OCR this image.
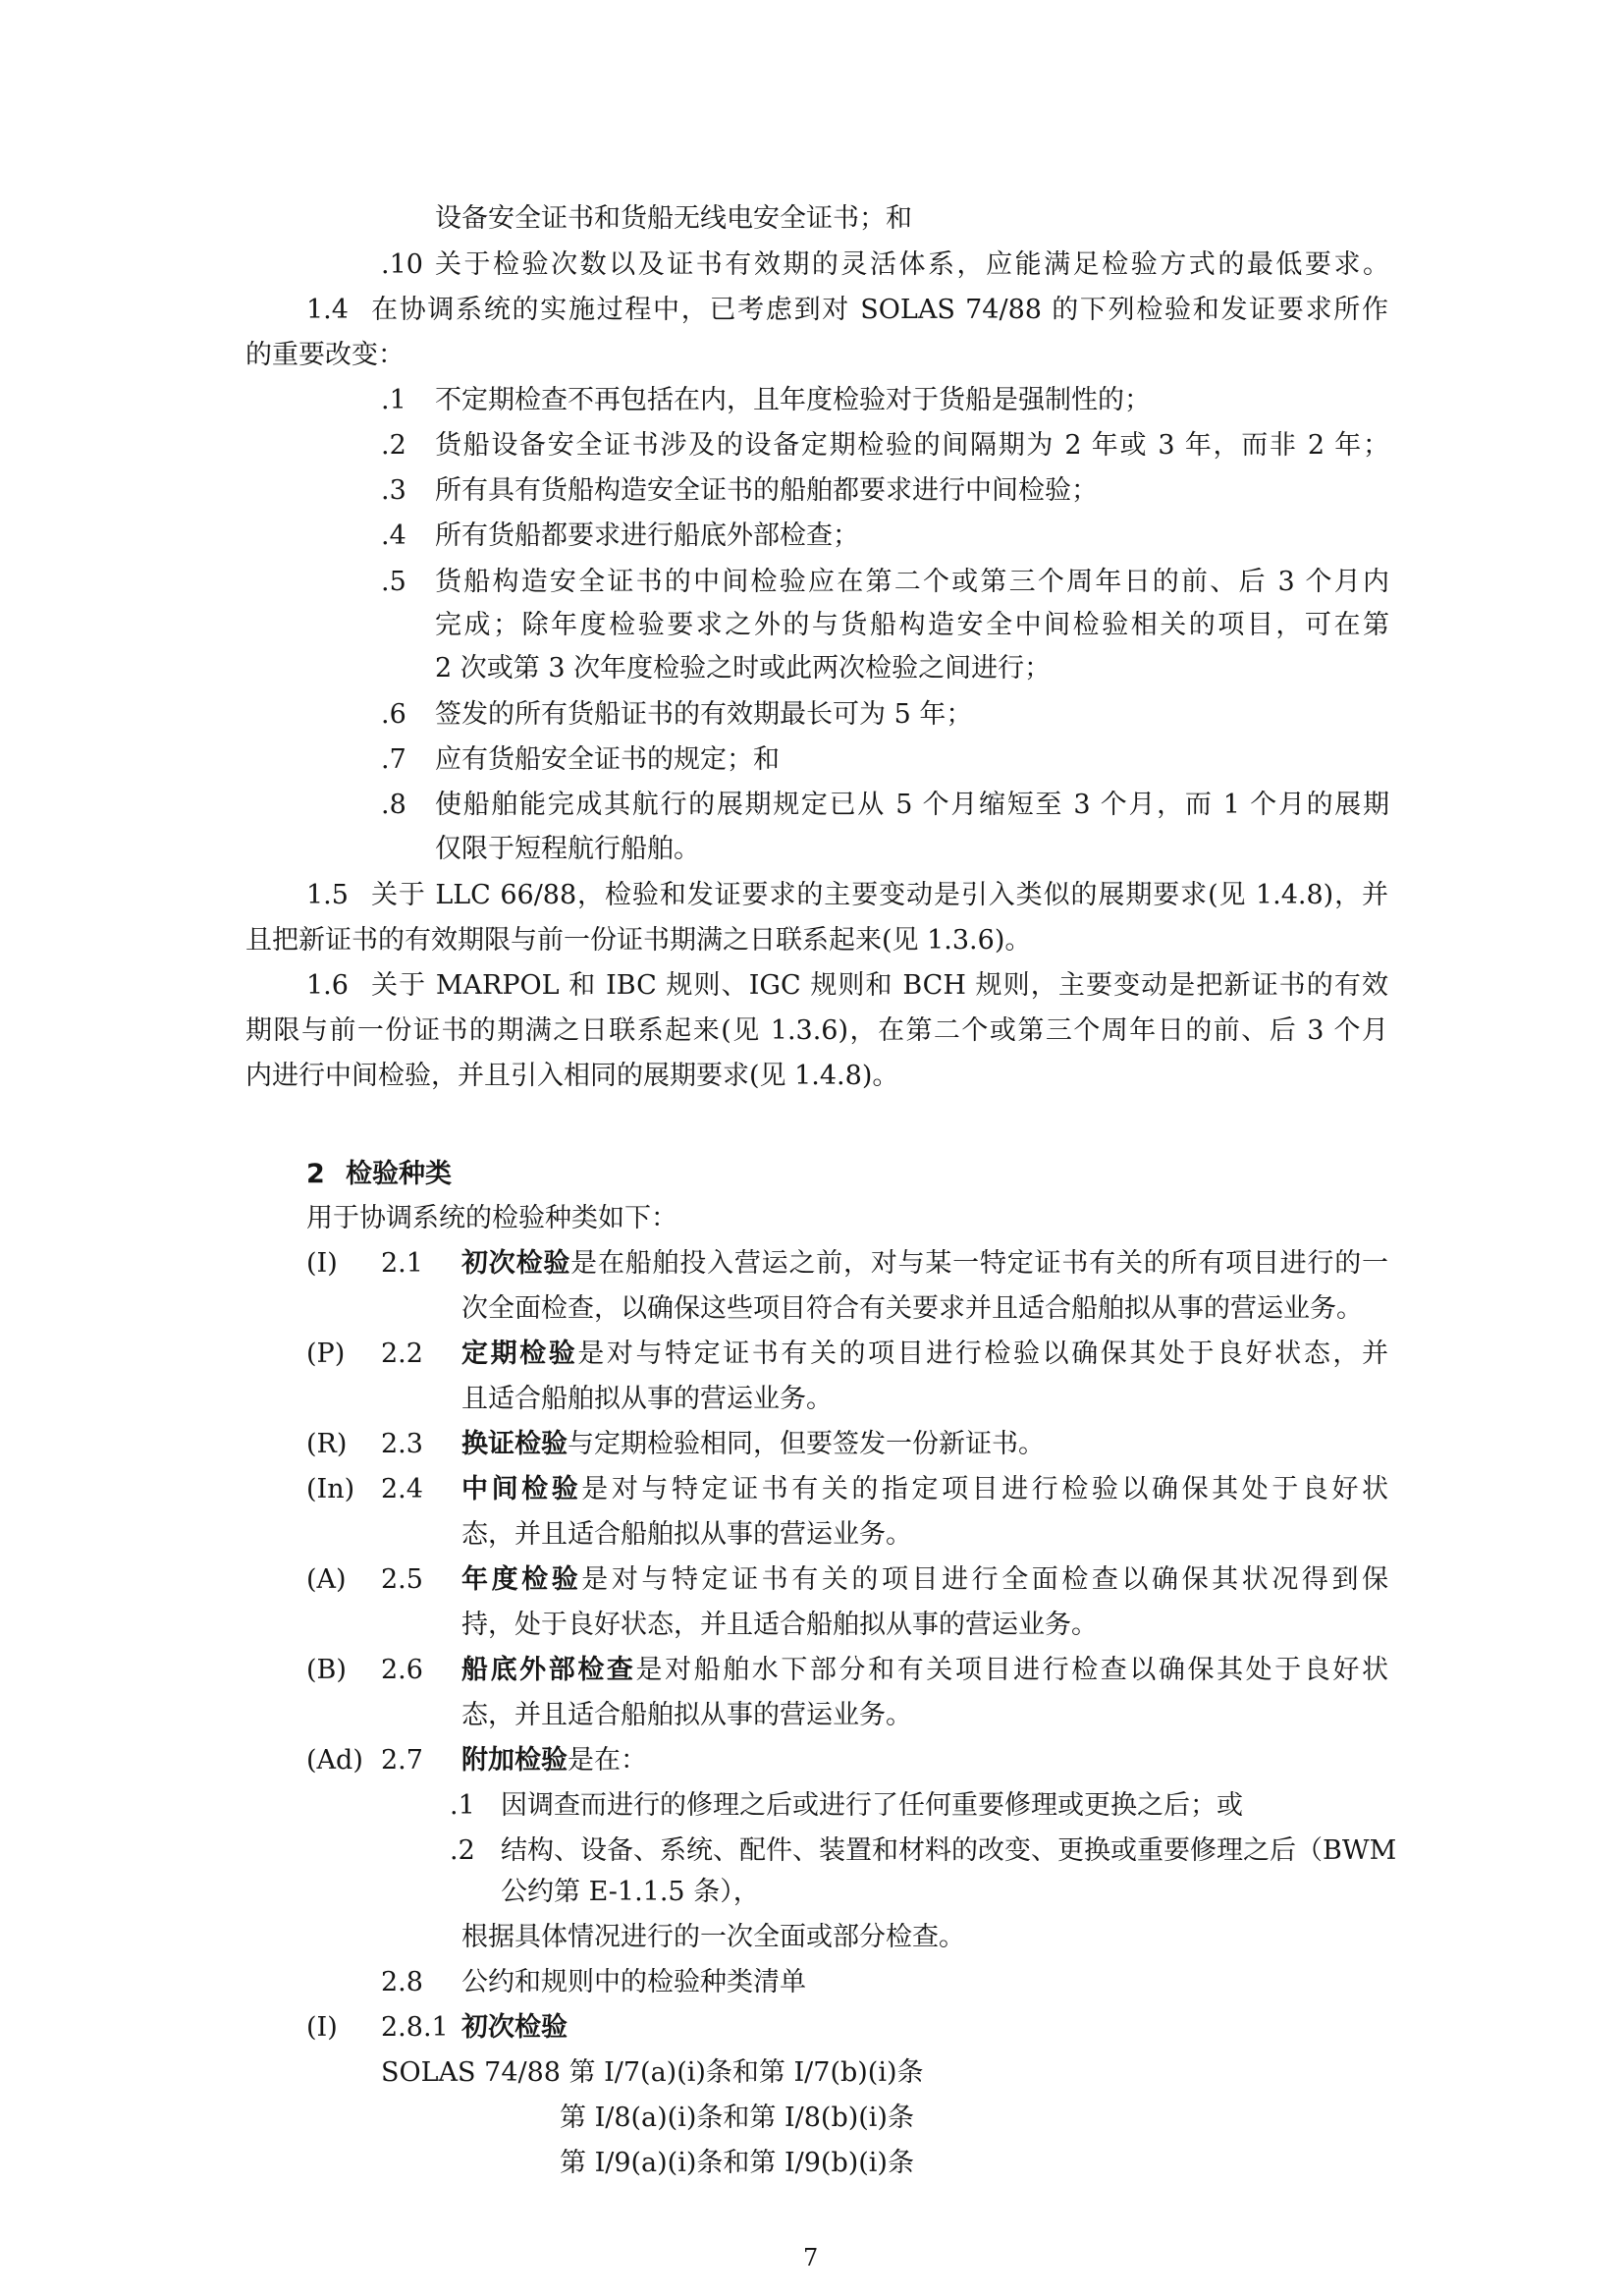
设备安全证书和货船无线电安全证书；和
.10 关于检验次数以及证书有效期的灵活体系，应能满足检验方式的最低要求。
1.4 在协调系统的实施过程中，已考虑到对 SOLAS 74/88 的下列检验和发证要求所作
的重要改变：
.1 不定期检查不再包括在内，且年度检验对于货船是强制性的；
.2 货船设备安全证书涉及的设备定期检验的间隔期为 2 年或 3 年，而非 2 年；
.3 所有具有货船构造安全证书的船舶都要求进行中间检验；
.4 所有货船都要求进行船底外部检查；
.5 货船构造安全证书的中间检验应在第二个或第三个周年日的前、后 3 个月内
完成；除年度检验要求之外的与货船构造安全中间检验相关的项目，可在第
2 次或第 3 次年度检验之时或此两次检验之间进行；
.6 签发的所有货船证书的有效期最长可为 5 年；
.7 应有货船安全证书的规定；和
.8 使船舶能完成其航行的展期规定已从 5 个月缩短至 3 个月，而 1 个月的展期
仅限于短程航行船舶。
1.5 关于 LLC 66/88，检验和发证要求的主要变动是引入类似的展期要求(见 1.4.8)，并
且把新证书的有效期限与前一份证书期满之日联系起来(见 1.3.6)。
1.6 关于 MARPOL 和 IBC 规则、IGC 规则和 BCH 规则，主要变动是把新证书的有效
期限与前一份证书的期满之日联系起来(见 1.3.6)，在第二个或第三个周年日的前、后 3 个月
内进行中间检验，并且引入相同的展期要求(见 1.4.8)。
2 检验种类
用于协调系统的检验种类如下：
(I) 2.1 初次检验是在船舶投入营运之前，对与某一特定证书有关的所有项目进行的一
次全面检查，以确保这些项目符合有关要求并且适合船舶拟从事的营运业务。
(P) 2.2 定期检验是对与特定证书有关的项目进行检验以确保其处于良好状态，并
且适合船舶拟从事的营运业务。
(R) 2.3 换证检验与定期检验相同，但要签发一份新证书。
(In) 2.4 中间检验是对与特定证书有关的指定项目进行检验以确保其处于良好状
态，并且适合船舶拟从事的营运业务。
(A) 2.5 年度检验是对与特定证书有关的项目进行全面检查以确保其状况得到保
持，处于良好状态，并且适合船舶拟从事的营运业务。
(B) 2.6 船底外部检查是对船舶水下部分和有关项目进行检查以确保其处于良好状
态，并且适合船舶拟从事的营运业务。
(Ad) 2.7 附加检验是在：
.1 因调查而进行的修理之后或进行了任何重要修理或更换之后；或
.2 结构、设备、系统、配件、装置和材料的改变、更换或重要修理之后（BWM
公约第 E-1.1.5 条），
根据具体情况进行的一次全面或部分检查。
2.8 公约和规则中的检验种类清单
(I) 2.8.1 初次检验
SOLAS 74/88 第 I/7(a)(i)条和第 I/7(b)(i)条
第 I/8(a)(i)条和第 I/8(b)(i)条
第 I/9(a)(i)条和第 I/9(b)(i)条
7
